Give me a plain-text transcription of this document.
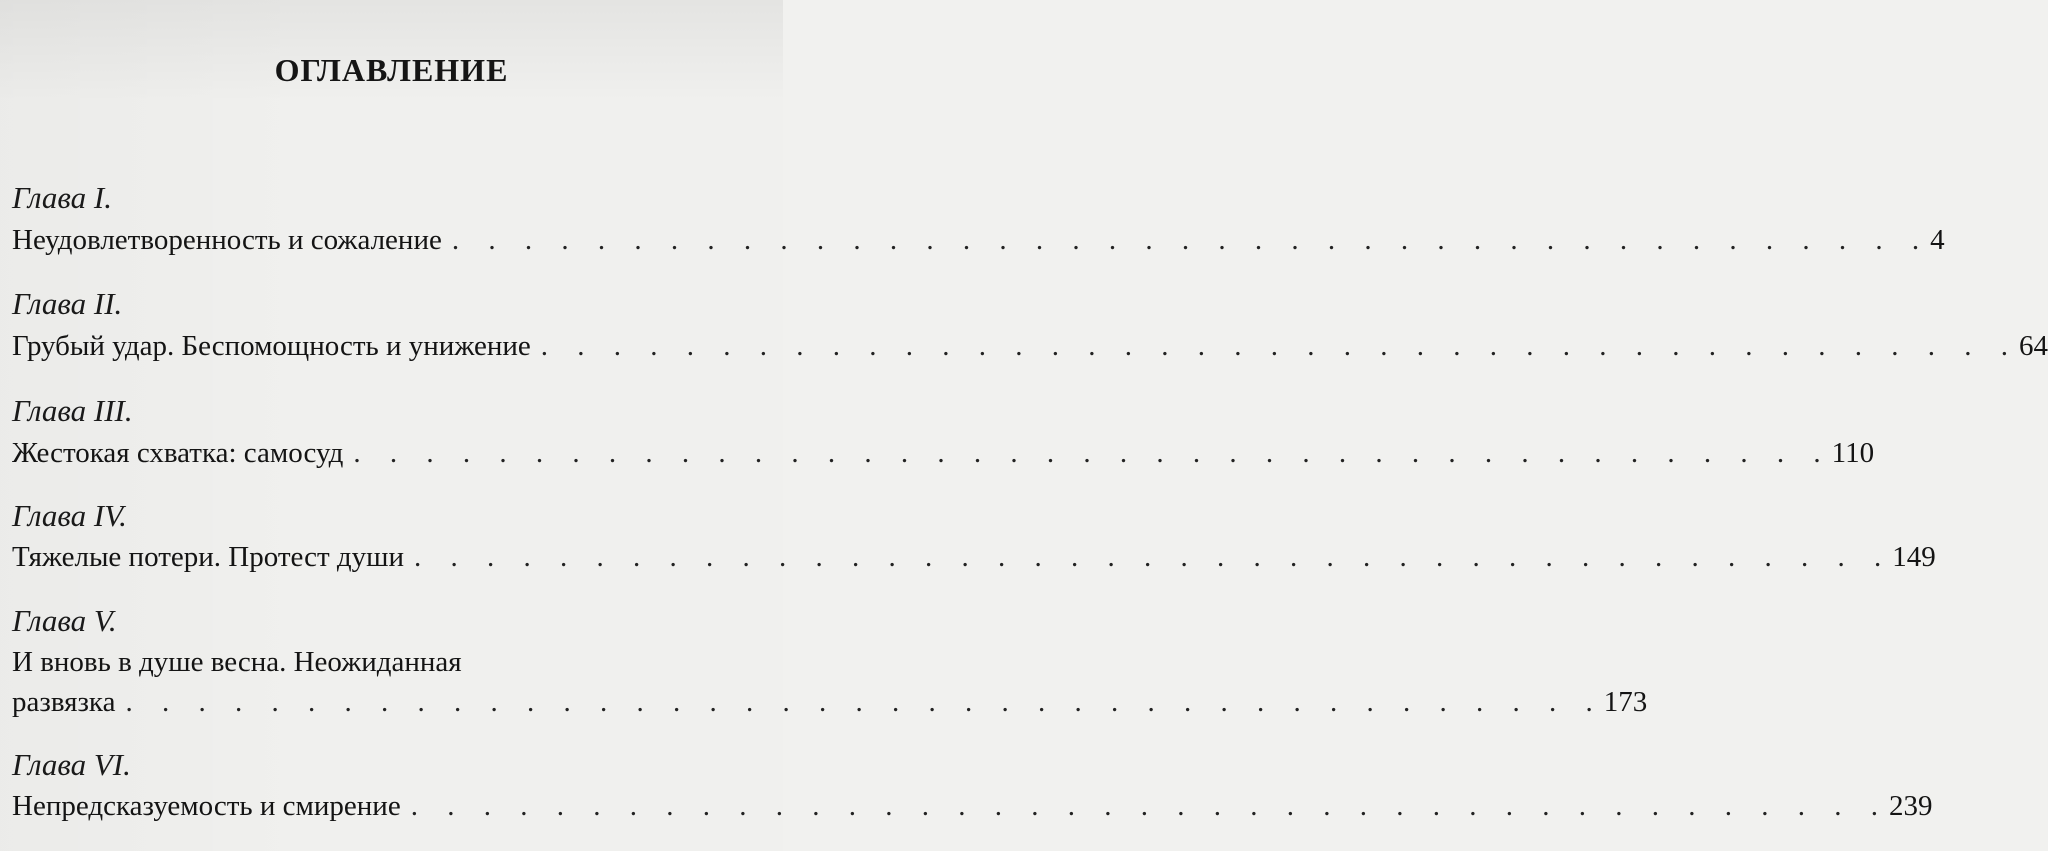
ОГЛАВЛЕНИЕ
Глава I.
Неудовлетворенность и сожаление . . . . . . . . . . . . . . . . . . . . . . . . . . . . . . . . . . . . . . . . . 4
Глава II.
Грубый удар. Беспомощность и унижение . . . . . . . . . . . . . . . . . . . . . . . . . . . . . . . . . . . . . . . . . 64
Глава III.
Жестокая схватка: самосуд . . . . . . . . . . . . . . . . . . . . . . . . . . . . . . . . . . . . . . . . . 110
Глава IV.
Тяжелые потери. Протест души . . . . . . . . . . . . . . . . . . . . . . . . . . . . . . . . . . . . . . . . . 149
Глава V.
И вновь в душе весна. Неожиданная
развязка . . . . . . . . . . . . . . . . . . . . . . . . . . . . . . . . . . . . . . . . . 173
Глава VI.
Непредсказуемость и смирение . . . . . . . . . . . . . . . . . . . . . . . . . . . . . . . . . . . . . . . . . 239
